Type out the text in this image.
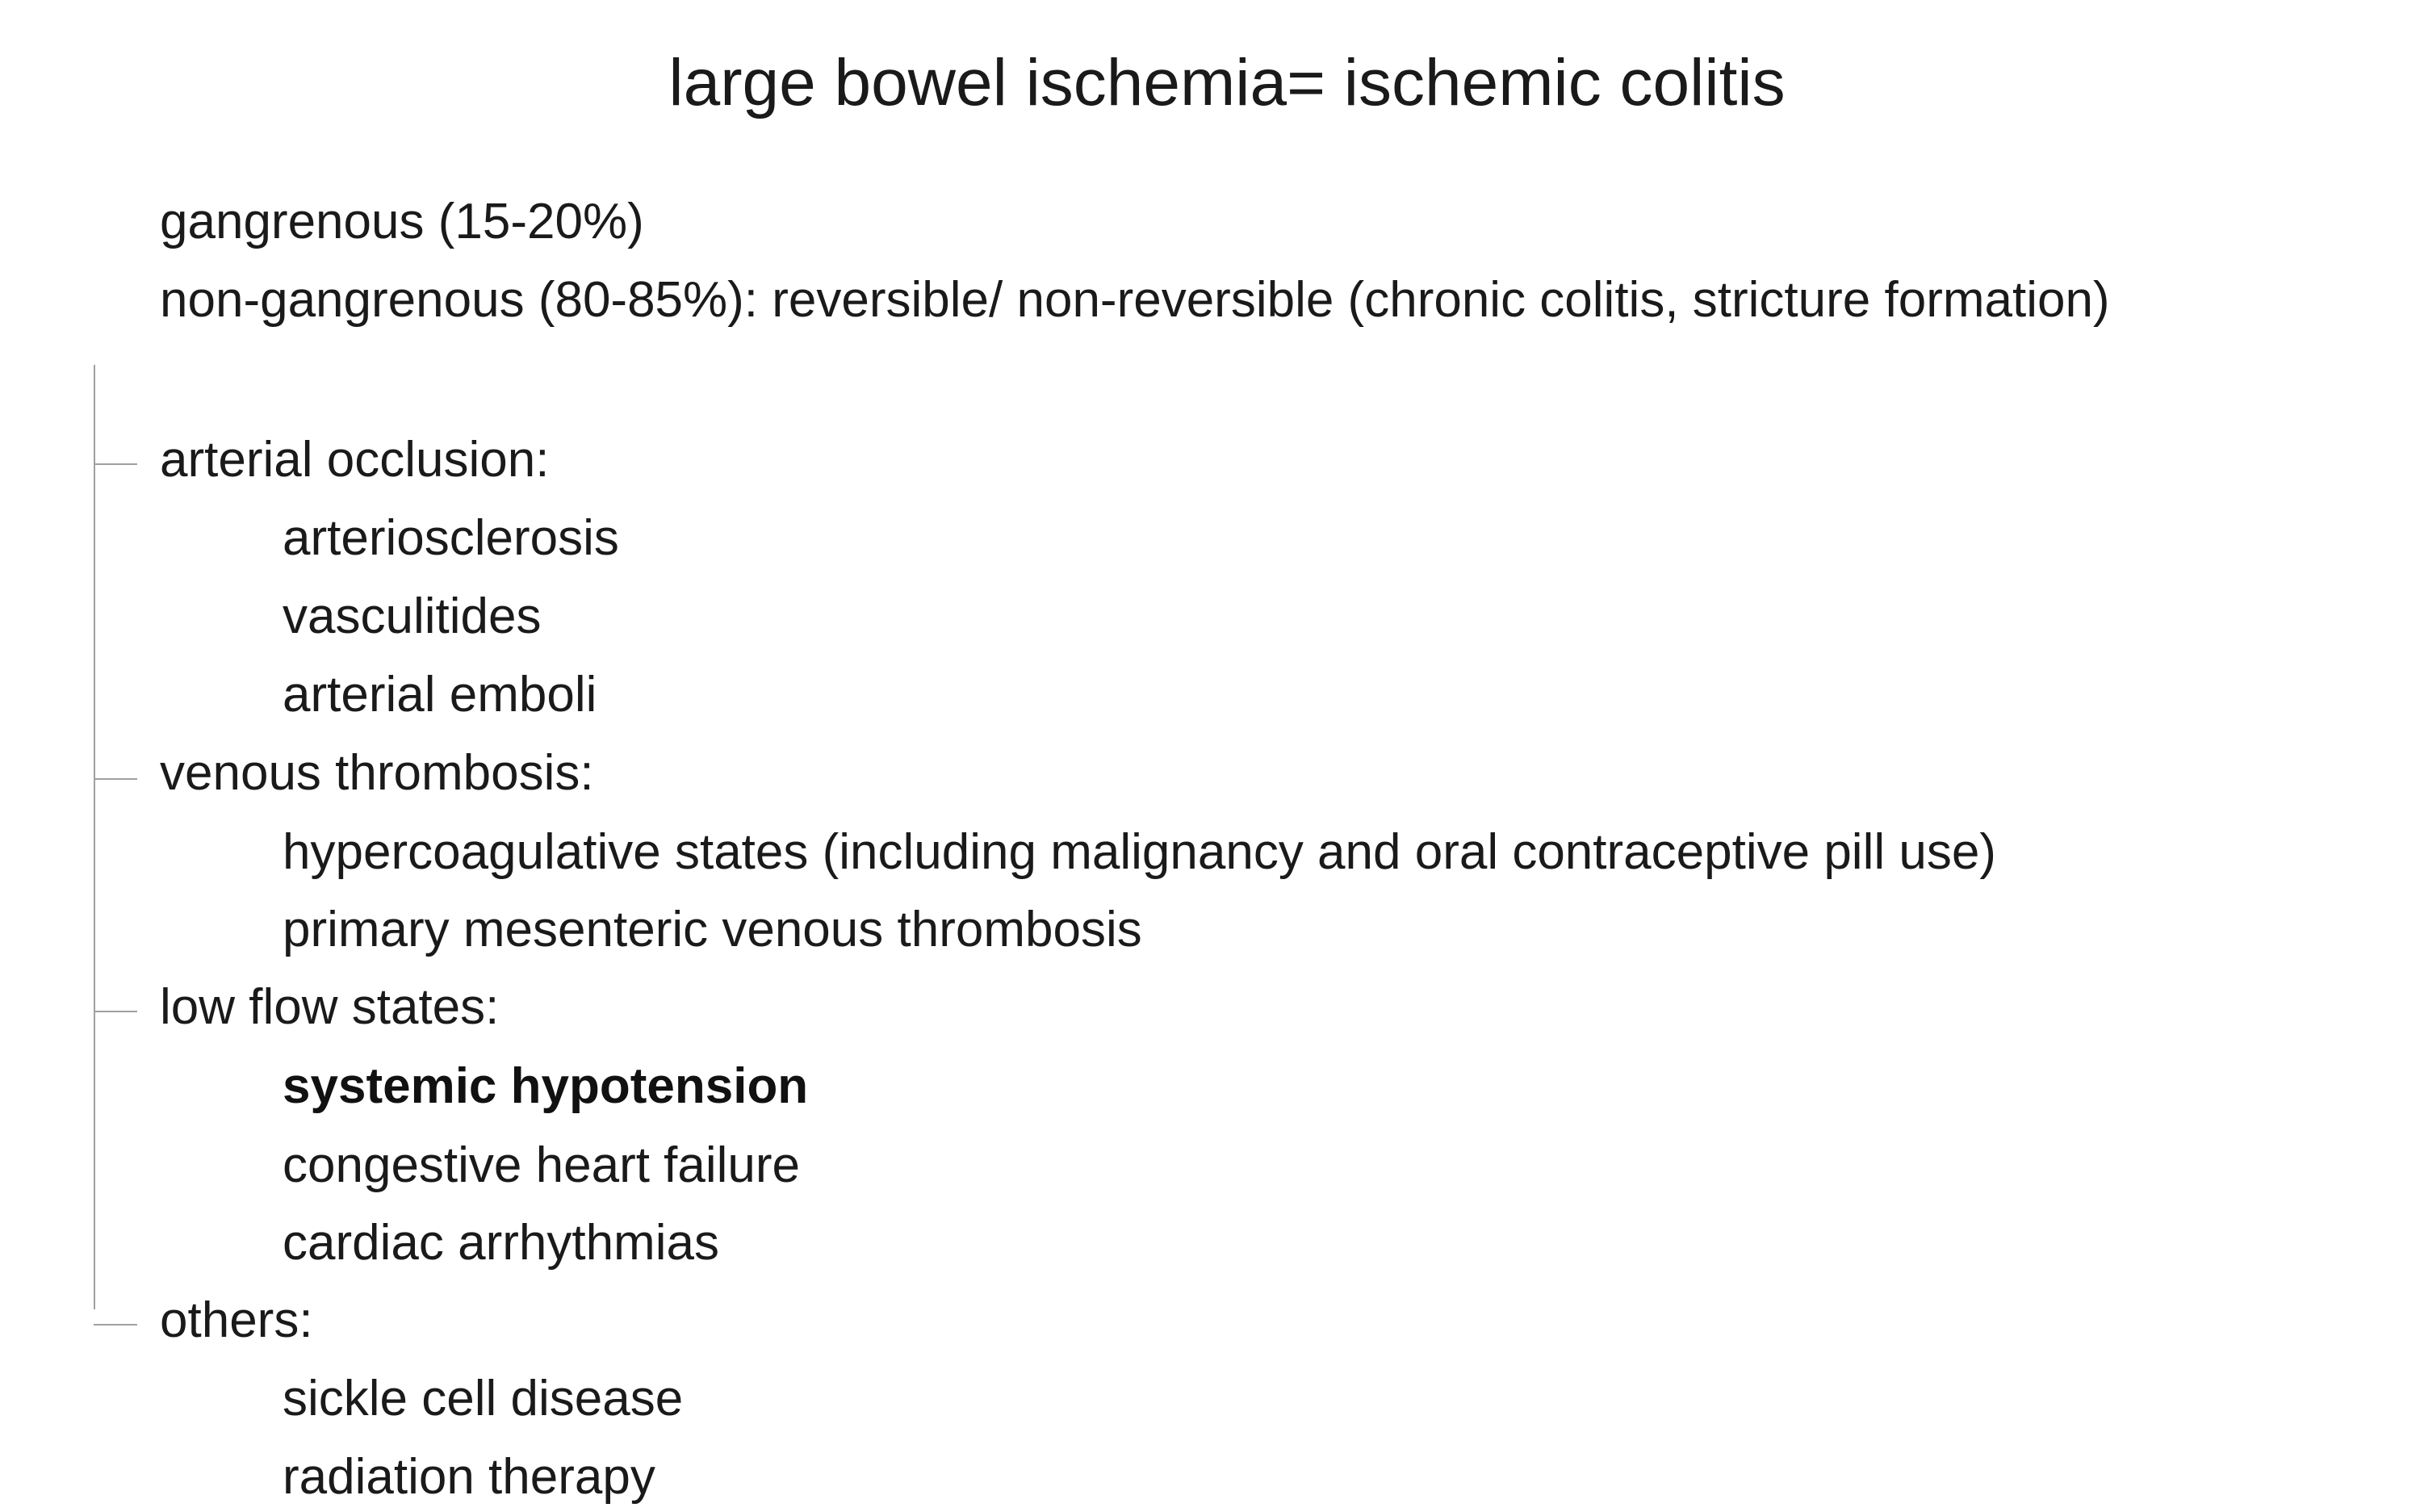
large bowel ischemia= ischemic colitis
gangrenous (15-20%)
non-gangrenous (80-85%): reversible/ non-reversible (chronic colitis, stricture formation)
arterial occlusion:
arteriosclerosis
vasculitides
arterial emboli
venous thrombosis:
hypercoagulative states (including malignancy and oral contraceptive pill use)
primary mesenteric venous thrombosis
low flow states:
systemic hypotension
congestive heart failure
cardiac arrhythmias
others:
sickle cell disease
radiation therapy
